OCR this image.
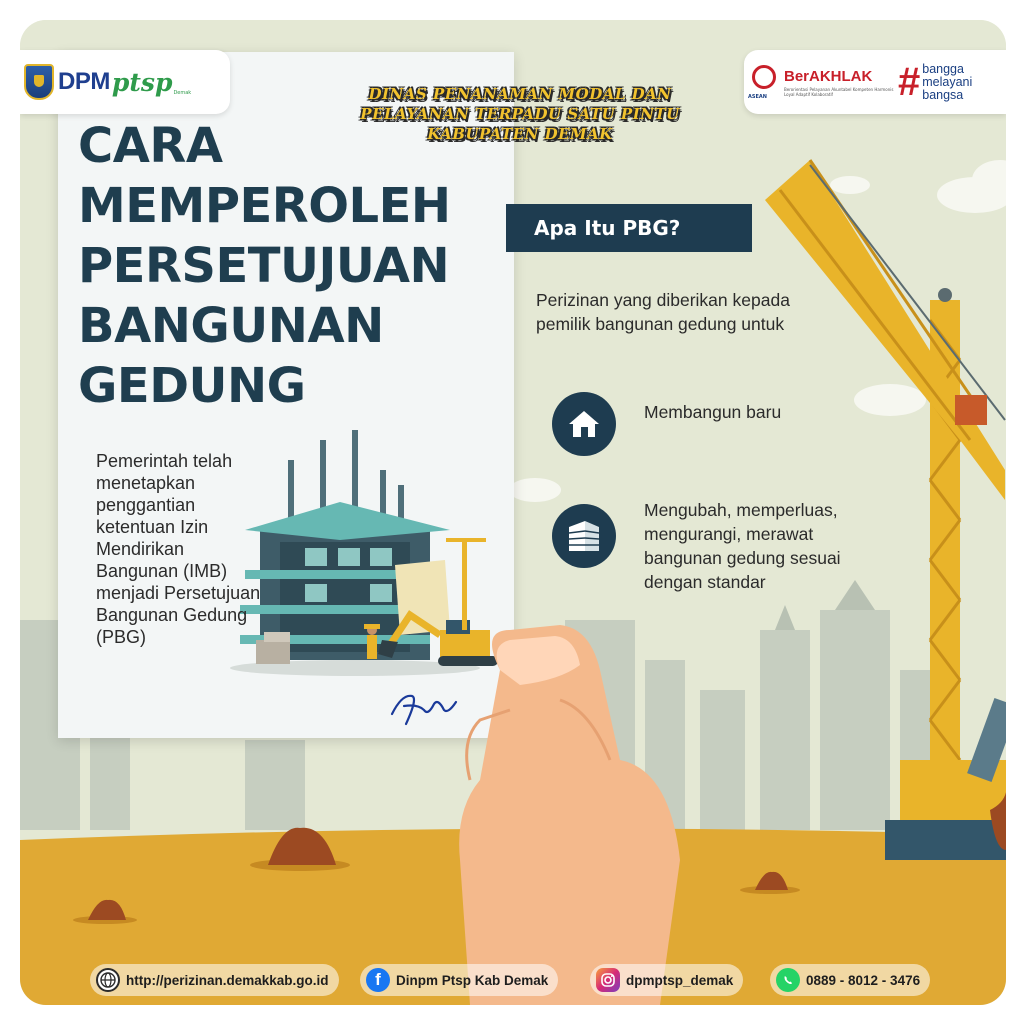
DPM ptsp Demak
ASEAN
BerAKHLAK
Berorientasi Pelayanan Akuntabel Kompeten Harmonis Loyal Adaptif Kolaboratif	# bangga
melayani
bangsa
DINAS PENANAMAN MODAL DAN
PELAYANAN TERPADU SATU PINTU
KABUPATEN DEMAK
CARA
MEMPEROLEH
PERSETUJUAN
BANGUNAN
GEDUNG
Pemerintah telah menetapkan penggantian ketentuan Izin Mendirikan Bangunan (IMB) menjadi Persetujuan Bangunan Gedung (PBG)
Apa Itu PBG?
Perizinan yang diberikan kepada pemilik bangunan gedung untuk
Membangun baru
Mengubah, memperluas, mengurangi, merawat bangunan gedung sesuai dengan standar
http://perizinan.demakkab.go.id	f	Dinpm Ptsp Kab Demak	dpmptsp_demak	0889 - 8012 - 3476
